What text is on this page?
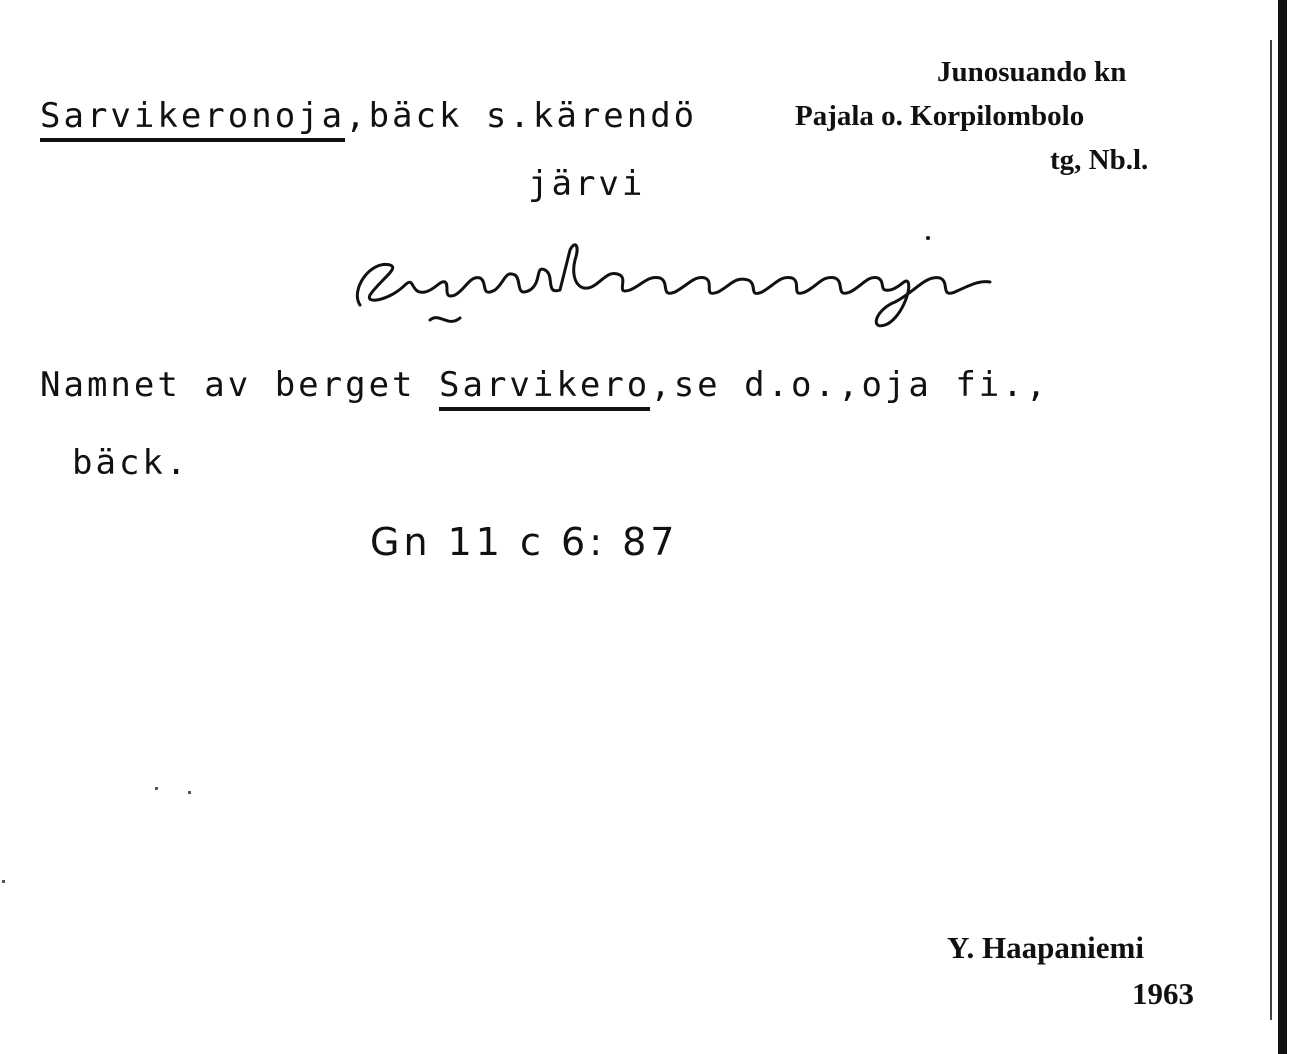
Junosuando kn
Sarvikeronoja,bäck s.kärendö	Pajala o. Korpilombolo
tg, Nb.l.
järvi
Namnet av berget Sarvikero,se d.o.,oja fi.,
bäck.
Gn 11 c 6: 87
Y. Haapaniemi
1963
